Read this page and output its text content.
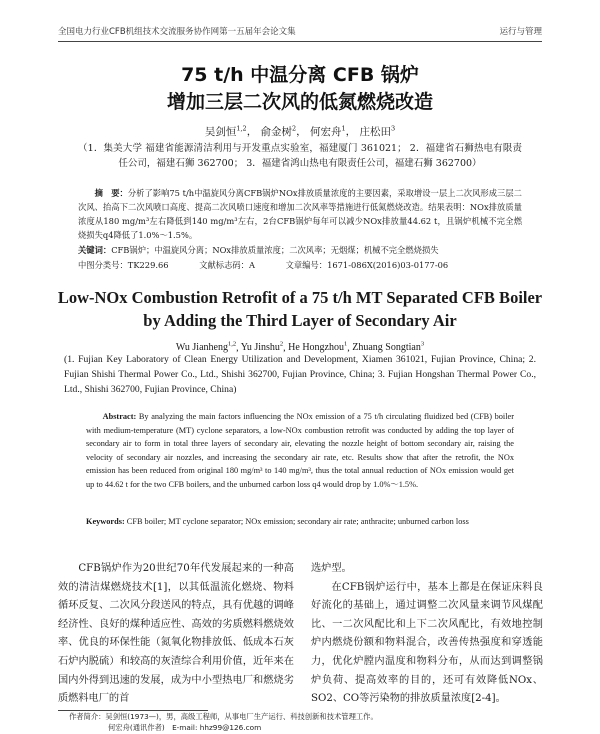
全国电力行业CFB机组技术交流服务协作网第一五届年会论文集	运行与管理
75 t/h 中温分离 CFB 锅炉
增加三层二次风的低氮燃烧改造
吴剑恒$^{1,2}$， 俞金树$^2$， 何宏舟$^1$， 庄松田$^3$
（1．集美大学 福建省能源清洁利用与开发重点实验室，福建厦门 361021； 2．福建省石狮热电有限责任公司，福建石狮 362700； 3．福建省鸿山热电有限责任公司，福建石狮 362700）
摘　要：分析了影响75 t/h中温旋风分离CFB锅炉NOx排放质量浓度的主要因素，采取增设一层上二次风形成三层二次风、抬高下二次风喷口高度、提高二次风喷口速度和增加二次风率等措施进行低氮燃烧改造。结果表明：NOx排放质量浓度从180 mg/m³左右降低到140 mg/m³左右，2台CFB锅炉每年可以减少NOx排放量44.62 t，且锅炉机械不完全燃烧损失q4降低了1.0%～1.5%。
关键词：CFB锅炉；中温旋风分离；NOx排放质量浓度；二次风率；无烟煤；机械不完全燃烧损失
中图分类号：TK229.66	文献标志码：A	文章编号：1671-086X(2016)03-0177-06
Low-NOx Combustion Retrofit of a 75 t/h MT Separated CFB Boiler
by Adding the Third Layer of Secondary Air
Wu Jianheng$^{1,2}$, Yu Jinshu$^2$, He Hongzhou$^1$, Zhuang Songtian$^3$
(1. Fujian Key Laboratory of Clean Energy Utilization and Development, Xiamen 361021, Fujian Province, China; 2. Fujian Shishi Thermal Power Co., Ltd., Shishi 362700, Fujian Province, China; 3. Fujian Hongshan Thermal Power Co., Ltd., Shishi 362700, Fujian Province, China)
Abstract: By analyzing the main factors influencing the NOx emission of a 75 t/h circulating fluidized bed (CFB) boiler with medium-temperature (MT) cyclone separators, a low-NOx combustion retrofit was conducted by adding the top layer of secondary air to form in total three layers of secondary air, elevating the nozzle height of bottom secondary air, raising the velocity of secondary air nozzles, and increasing the secondary air rate, etc. Results show that after the retrofit, the NOx emission has been reduced from original 180 mg/m³ to 140 mg/m³, thus the total annual reduction of NOx emission would get up to 44.62 t for the two CFB boilers, and the unburned carbon loss q4 would drop by 1.0%～1.5%.
Keywords: CFB boiler; MT cyclone separator; NOx emission; secondary air rate; anthracite; unburned carbon loss

CFB锅炉作为20世纪70年代发展起来的一种高效的清洁煤燃烧技术[1]，以其低温流化燃烧、物料循环反复、二次风分段送风的特点，具有优越的调峰经济性、良好的煤种适应性、高效的劣质燃料燃烧效率、优良的环保性能（氮氧化物排放低、低成本石灰石炉内脱硫）和较高的灰渣综合利用价值，近年来在国内外得到迅速的发展，成为中小型热电厂和燃烧劣质燃料电厂的首

选炉型。

在CFB锅炉运行中，基本上都是在保证床料良好流化的基础上，通过调整二次风量来调节风煤配比、一二次风配比和上下二次风配比，有效地控制炉内燃烧份额和物料混合，改善传热强度和穿透能力，优化炉膛内温度和物料分布，从而达到调整锅炉负荷、提高效率的目的，还可有效降低NOx、SO2、CO等污染物的排放质量浓度[2-4]。

作者简介：吴剑恒(1973—)，男，高级工程师，从事电厂生产运行、科技创新和技术管理工作。
何宏舟(通讯作者)　E-mail: hhz99@126.com
